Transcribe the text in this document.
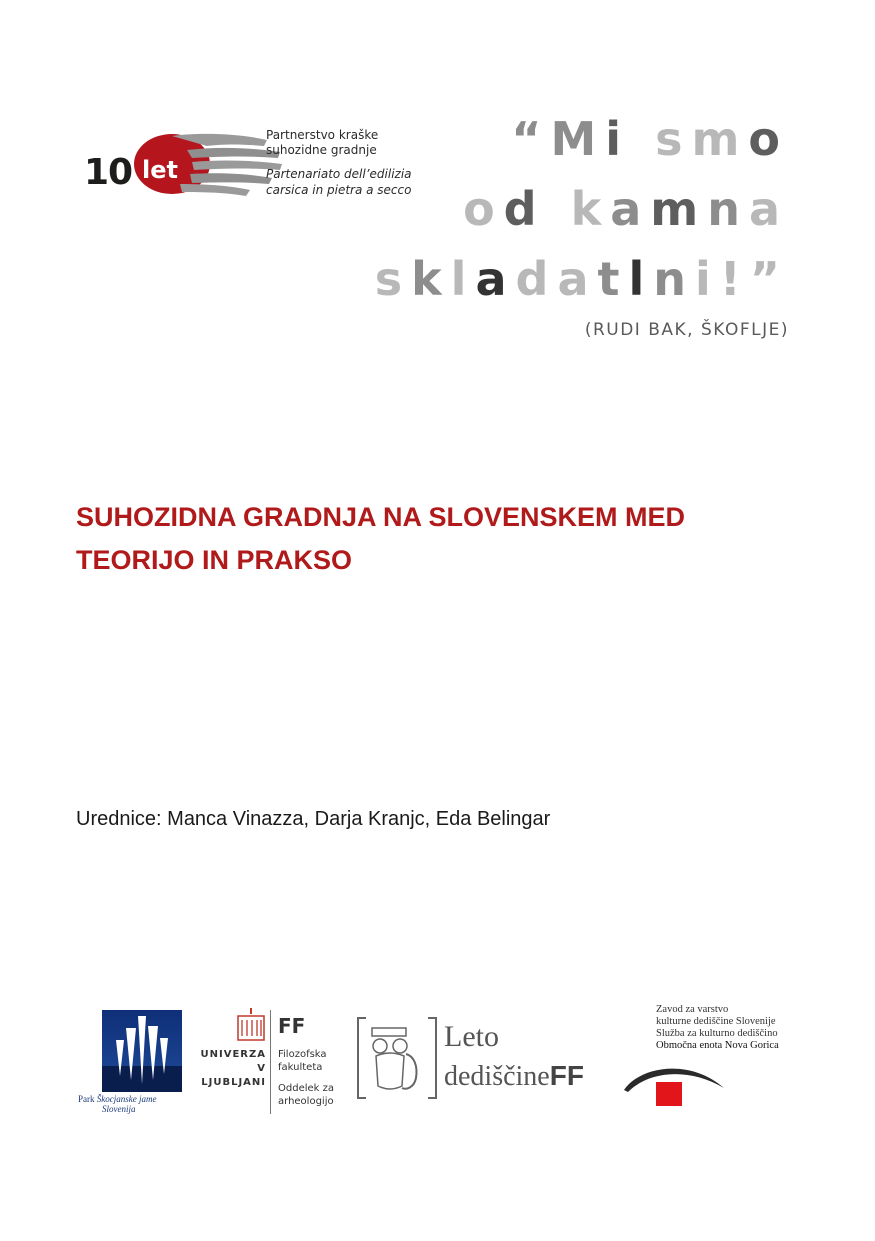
10 let
Partnerstvo kraške
suhozidne gradnje
Partenariato dell’edilizia
carsica in pietra a secco
“Mi smo
od kamna
skladatlni!”
(RUDI BAK, ŠKOFLJE)
SUHOZIDNA GRADNJA NA SLOVENSKEM MED
TEORIJO IN PRAKSO
Urednice: Manca Vinazza, Darja Kranjc, Eda Belingar
Park Škocjanske jame
Slovenija
FF
UNIVERZA
V LJUBLJANI
Filozofska
fakulteta
Oddelek za
arheologijo
Leto
dediščineFF
Zavod za varstvo
kulturne dediščine Slovenije
Služba za kulturno dediščino
Območna enota Nova Gorica
